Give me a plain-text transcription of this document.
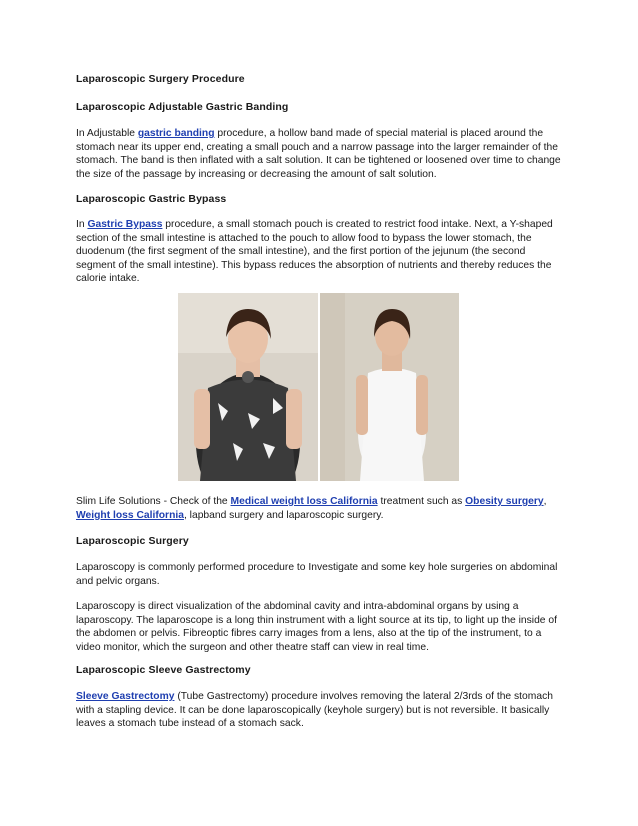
Laparoscopic Surgery Procedure
Laparoscopic Adjustable Gastric Banding
In Adjustable gastric banding procedure, a hollow band made of special material is placed around the stomach near its upper end, creating a small pouch and a narrow passage into the larger remainder of the stomach. The band is then inflated with a salt solution. It can be tightened or loosened over time to change the size of the passage by increasing or decreasing the amount of salt solution.
Laparoscopic Gastric Bypass
In Gastric Bypass procedure, a small stomach pouch is created to restrict food intake. Next, a Y-shaped section of the small intestine is attached to the pouch to allow food to bypass the lower stomach, the duodenum (the first segment of the small intestine), and the first portion of the jejunum (the second segment of the small intestine). This bypass reduces the absorption of nutrients and thereby reduces the calorie intake.
Slim Life Solutions - Check of the Medical weight loss California treatment such as Obesity surgery, Weight loss California, lapband surgery and laparoscopic surgery.
Laparoscopic Surgery
Laparoscopy is commonly performed procedure to Investigate and some key hole surgeries on abdominal and pelvic organs.
Laparoscopy is direct visualization of the abdominal cavity and intra-abdominal organs by using a laparoscopy. The laparoscope is a long thin instrument with a light source at its tip, to light up the inside of the abdomen or pelvis. Fibreoptic fibres carry images from a lens, also at the tip of the instrument, to a video monitor, which the surgeon and other theatre staff can view in real time.
Laparoscopic Sleeve Gastrectomy
Sleeve Gastrectomy (Tube Gastrectomy) procedure involves removing the lateral 2/3rds of the stomach with a stapling device. It can be done laparoscopically (keyhole surgery) but is not reversible. It basically leaves a stomach tube instead of a stomach sack.
